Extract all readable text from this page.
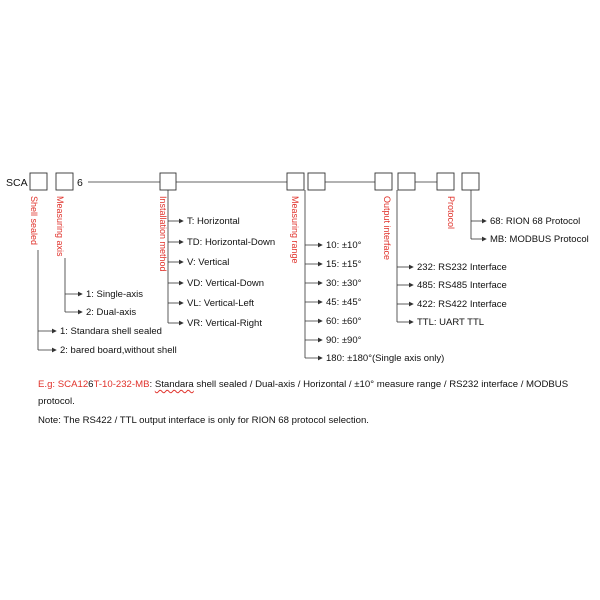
SCA	6
Shell sealed Measuring axis	Installation method	Measuring range	Output interface	Protocol
1: Standara shell sealed
2: bared board,without shell
1: Single-axis
2: Dual-axis
T: Horizontal
TD: Horizontal-Down
V: Vertical
VD: Vertical-Down
VL: Vertical-Left
VR: Vertical-Right
10: ±10°
15: ±15°
30: ±30°
45: ±45°
60: ±60°
90: ±90°
180: ±180°(Single axis only)
232: RS232 Interface
485: RS485 Interface
422: RS422 Interface
TTL: UART TTL
68: RION 68 Protocol
MB: MODBUS Protocol
E.g: SCA126T-10-232-MB: Standara shell sealed / Dual-axis / Horizontal / ±10° measure range / RS232 interface / MODBUS protocol.
Note: The RS422 / TTL output interface is only for RION 68 protocol selection.
